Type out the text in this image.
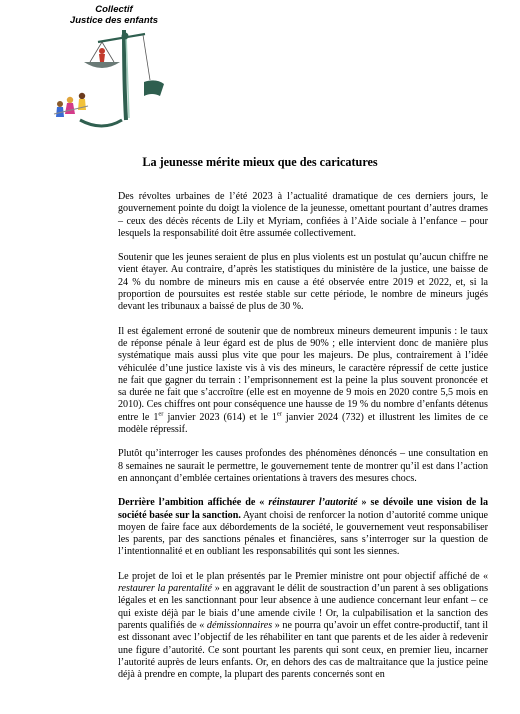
Collectif
Justice des enfants
La jeunesse mérite mieux que des caricatures

Des révoltes urbaines de l’été 2023 à l’actualité dramatique de ces derniers jours, le gouvernement pointe du doigt la violence de la jeunesse, omettant pourtant d’autres drames – ceux des décès récents de Lily et Myriam, confiées à l’Aide sociale à l’enfance – pour lesquels la responsabilité doit être assumée collectivement.

Soutenir que les jeunes seraient de plus en plus violents est un postulat qu’aucun chiffre ne vient étayer. Au contraire, d’après les statistiques du ministère de la justice, une baisse de 24 % du nombre de mineurs mis en cause a été observée entre 2019 et 2022, et, si la proportion de poursuites est restée stable sur cette période, le nombre de mineurs jugés devant les tribunaux a baissé de plus de 30 %.

Il est également erroné de soutenir que de nombreux mineurs demeurent impunis : le taux de réponse pénale à leur égard est de plus de 90% ; elle intervient donc de manière plus systématique mais aussi plus vite que pour les majeurs. De plus, contrairement à l’idée véhiculée d’une justice laxiste vis à vis des mineurs, le caractère répressif de cette justice ne fait que gagner du terrain : l’emprisonnement est la peine la plus souvent prononcée et sa durée ne fait que s’accroître (elle est en moyenne de 9 mois en 2020 contre 5,5 mois en 2010). Ces chiffres ont pour conséquence une hausse de 19 % du nombre d’enfants détenus entre le 1er janvier 2023 (614) et le 1er janvier 2024 (732) et illustrent les limites de ce modèle répressif.

Plutôt qu’interroger les causes profondes des phénomènes dénoncés – une consultation en 8 semaines ne saurait le permettre, le gouvernement tente de montrer qu’il est dans l’action en annonçant d’emblée certaines orientations à travers des mesures chocs.

Derrière l’ambition affichée de « réinstaurer l’autorité » se dévoile une vision de la société basée sur la sanction. Ayant choisi de renforcer la notion d’autorité comme unique moyen de faire face aux débordements de la société, le gouvernement veut responsabiliser les parents, par des sanctions pénales et financières, sans s’interroger sur la question de l’intentionnalité et en oubliant les responsabilités qui sont les siennes.

Le projet de loi et le plan présentés par le Premier ministre ont pour objectif affiché de « restaurer la parentalité » en aggravant le délit de soustraction d’un parent à ses obligations légales et en les sanctionnant pour leur absence à une audience concernant leur enfant – ce qui existe déjà par le biais d’une amende civile ! Or, la culpabilisation et la sanction des parents qualifiés de « démissionnaires » ne pourra qu’avoir un effet contre-productif, tant il est dissonant avec l’objectif de les réhabiliter en tant que parents et de les aider à redevenir une figure d’autorité. Ce sont pourtant les parents qui sont ceux, en premier lieu, incarner l’autorité auprès de leurs enfants. Or, en dehors des cas de maltraitance que la justice peine déjà à prendre en compte, la plupart des parents concernés sont en
